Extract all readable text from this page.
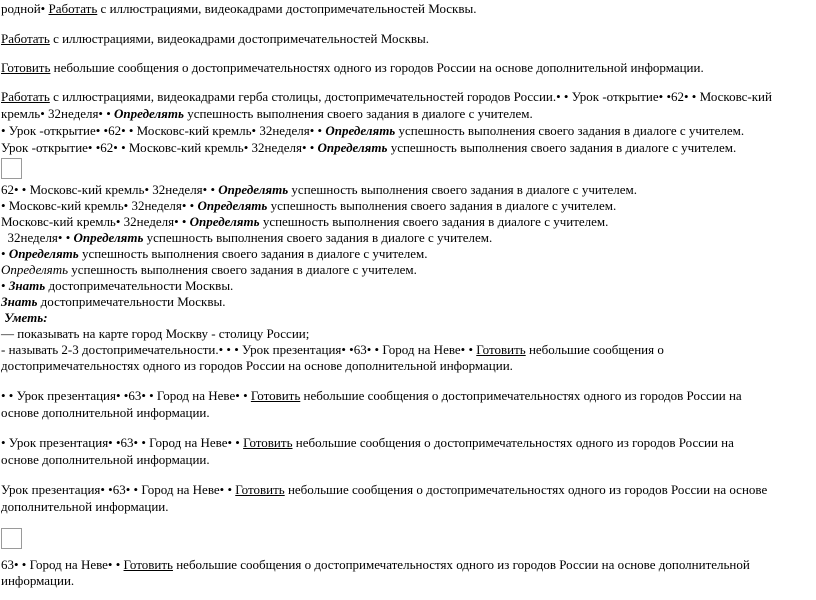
родной• Работать с иллюстрациями, видеокадрами достопримечательностей Москвы.
Работать с иллюстрациями, видеокадрами достопримечательностей Москвы.
Готовить небольшие сообщения о достопримечательностях одного из городов России на основе дополнительной информации.
Работать с иллюстрациями, видеокадрами герба столицы, достопримечательностей городов России.• • Урок -открытие• •62• • Московс-кий
кремль• 32неделя• • Определять успешность выполнения своего задания в диалоге с учителем.
• Урок -открытие• •62• • Московс-кий кремль• 32неделя• • Определять успешность выполнения своего задания в диалоге с учителем.
Урок -открытие• •62• • Московс-кий кремль• 32неделя• • Определять успешность выполнения своего задания в диалоге с учителем.
62• • Московс-кий кремль• 32неделя• • Определять успешность выполнения своего задания в диалоге с учителем.
• Московс-кий кремль• 32неделя• • Определять успешность выполнения своего задания в диалоге с учителем.
Московс-кий кремль• 32неделя• • Определять успешность выполнения своего задания в диалоге с учителем.
32неделя• • Определять успешность выполнения своего задания в диалоге с учителем.
• Определять успешность выполнения своего задания в диалоге с учителем.
Определять успешность выполнения своего задания в диалоге с учителем.
• Знать достопримечательности Москвы.
Знать достопримечательности Москвы.
Уметь:
— показывать на карте город Москву - столицу России;
- называть 2-3 достопримечательности.• • • Урок презентация• •63• • Город на Неве• • Готовить небольшие сообщения о
достопримечательностях одного из городов России на основе дополнительной информации.
• • Урок презентация• •63• • Город на Неве• • Готовить небольшие сообщения о достопримечательностях одного из городов России на
основе дополнительной информации.
• Урок презентация• •63• • Город на Неве• • Готовить небольшие сообщения о достопримечательностях одного из городов России на
основе дополнительной информации.
Урок презентация• •63• • Город на Неве• • Готовить небольшие сообщения о достопримечательностях одного из городов России на основе
дополнительной информации.
63• • Город на Неве• • Готовить небольшие сообщения о достопримечательностях одного из городов России на основе дополнительной
информации.
